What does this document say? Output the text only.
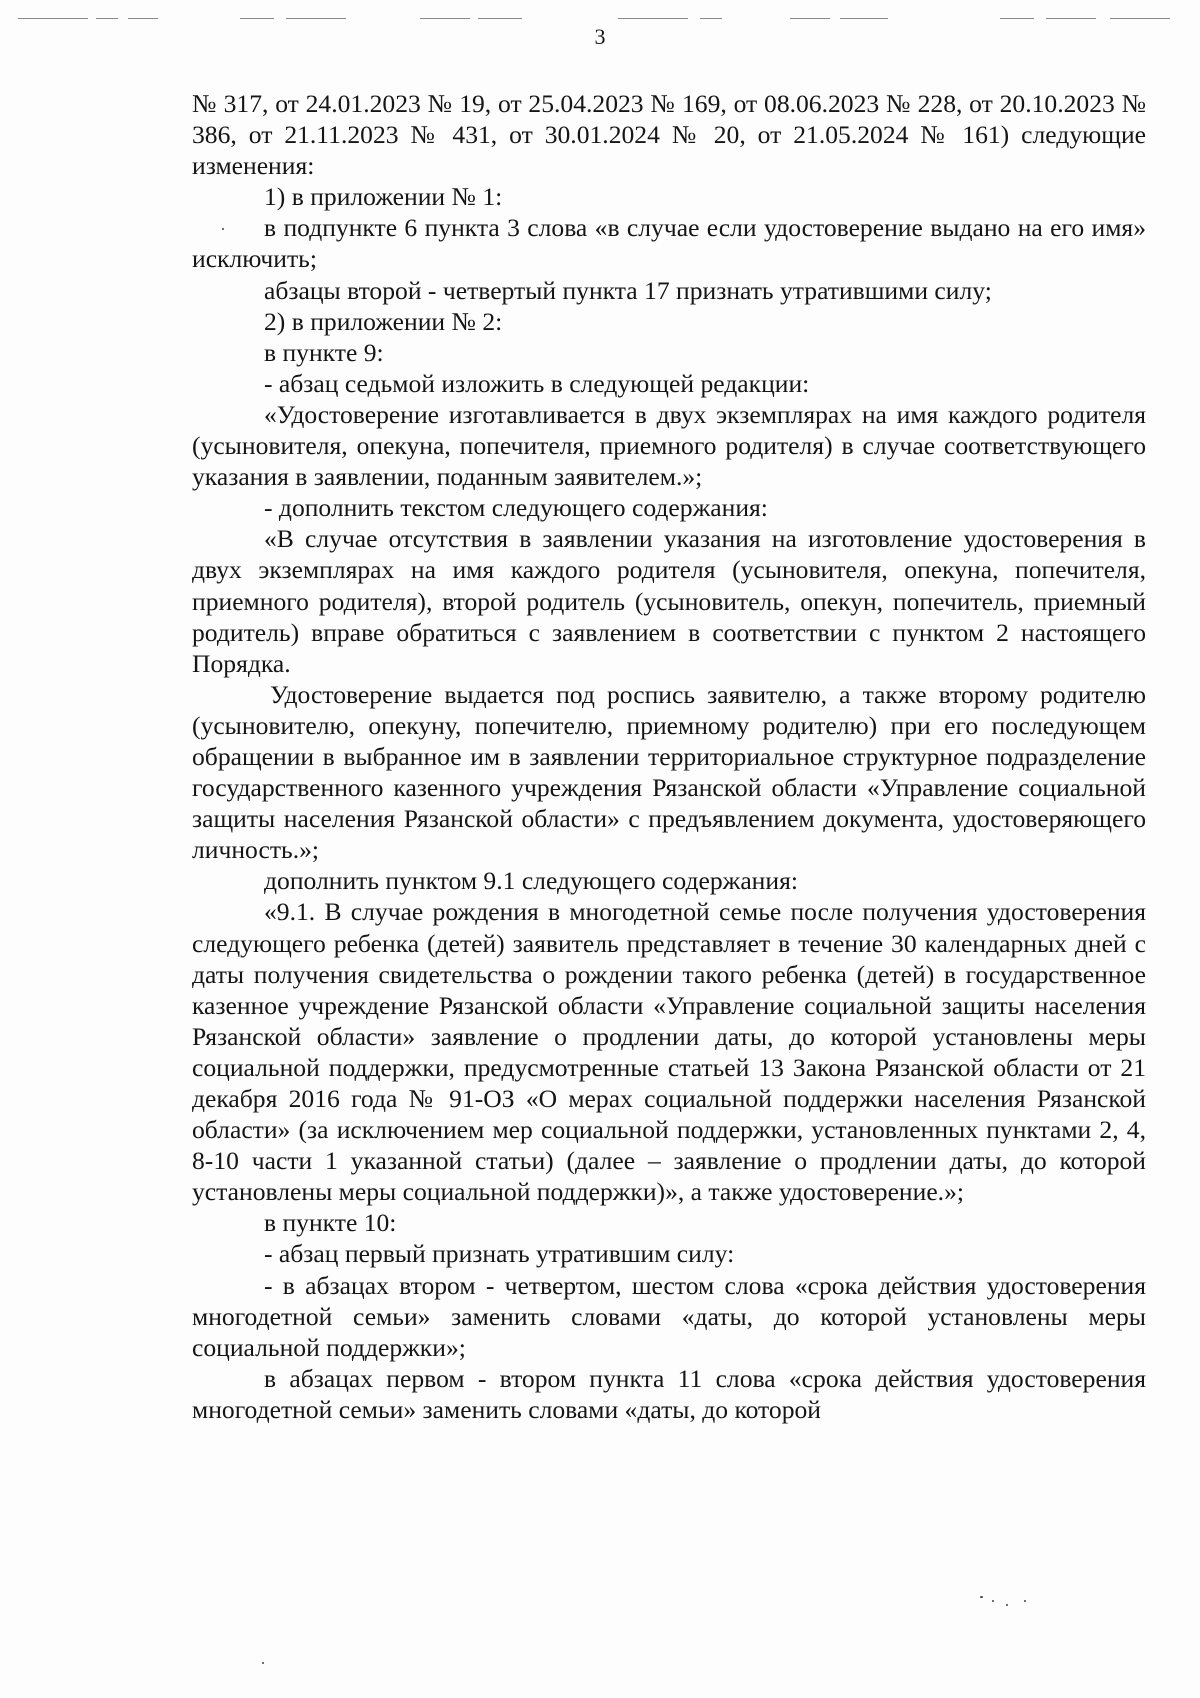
3

№ 317, от 24.01.2023 № 19, от 25.04.2023 № 169, от 08.06.2023 № 228, от 20.10.2023 № 386, от 21.11.2023 № 431, от 30.01.2024 № 20, от 21.05.2024 № 161) следующие изменения:

1) в приложении № 1:

в подпункте 6 пункта 3 слова «в случае если удостоверение выдано на его имя» исключить;

абзацы второй - четвертый пункта 17 признать утратившими силу;

2) в приложении № 2:

в пункте 9:

- абзац седьмой изложить в следующей редакции:

«Удостоверение изготавливается в двух экземплярах на имя каждого родителя (усыновителя, опекуна, попечителя, приемного родителя) в случае соответствующего указания в заявлении, поданным заявителем.»;

- дополнить текстом следующего содержания:

«В случае отсутствия в заявлении указания на изготовление удостоверения в двух экземплярах на имя каждого родителя (усыновителя, опекуна, попечителя, приемного родителя), второй родитель (усыновитель, опекун, попечитель, приемный родитель) вправе обратиться с заявлением в соответствии с пунктом 2 настоящего Порядка.

Удостоверение выдается под роспись заявителю, а также второму родителю (усыновителю, опекуну, попечителю, приемному родителю) при его последующем обращении в выбранное им в заявлении территориальное структурное подразделение государственного казенного учреждения Рязанской области «Управление социальной защиты населения Рязанской области» с предъявлением документа, удостоверяющего личность.»;

дополнить пунктом 9.1 следующего содержания:

«9.1. В случае рождения в многодетной семье после получения удостоверения следующего ребенка (детей) заявитель представляет в течение 30 календарных дней с даты получения свидетельства о рождении такого ребенка (детей) в государственное казенное учреждение Рязанской области «Управление социальной защиты населения Рязанской области» заявление о продлении даты, до которой установлены меры социальной поддержки, предусмотренные статьей 13 Закона Рязанской области от 21 декабря 2016 года № 91-ОЗ «О мерах социальной поддержки населения Рязанской области» (за исключением мер социальной поддержки, установленных пунктами 2, 4, 8-10 части 1 указанной статьи) (далее – заявление о продлении даты, до которой установлены меры социальной поддержки)», а также удостоверение.»;

в пункте 10:

- абзац первый признать утратившим силу:

- в абзацах втором - четвертом, шестом слова «срока действия удостоверения многодетной семьи» заменить словами «даты, до которой установлены меры социальной поддержки»;

в абзацах первом - втором пункта 11 слова «срока действия удостоверения многодетной семьи» заменить словами «даты, до которой
